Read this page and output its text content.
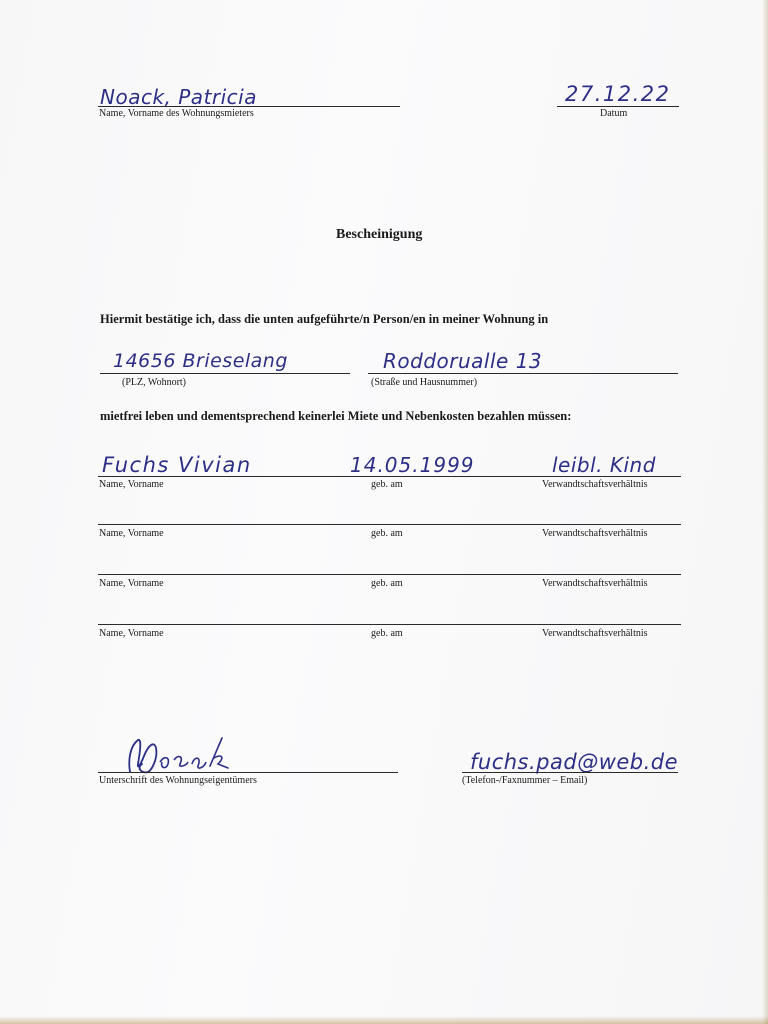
Noack, Patricia
Name, Vorname des Wohnungsmieters
27.12.22
Datum
Bescheinigung
Hiermit bestätige ich, dass die unten aufgeführte/n Person/en in meiner Wohnung in
14656 Brieselang
(PLZ, Wohnort)
Roddorualle 13
(Straße und Hausnummer)
mietfrei leben und dementsprechend keinerlei Miete und Nebenkosten bezahlen müssen:
Fuchs Vivian	14.05.1999	leibl. Kind
Name, Vorname	geb. am	Verwandtschaftsverhältnis
Name, Vorname	geb. am	Verwandtschaftsverhältnis
Name, Vorname	geb. am	Verwandtschaftsverhältnis
Name, Vorname	geb. am	Verwandtschaftsverhältnis
Unterschrift des Wohnungseigentümers
fuchs.pad@web.de
(Telefon-/Faxnummer – Email)
